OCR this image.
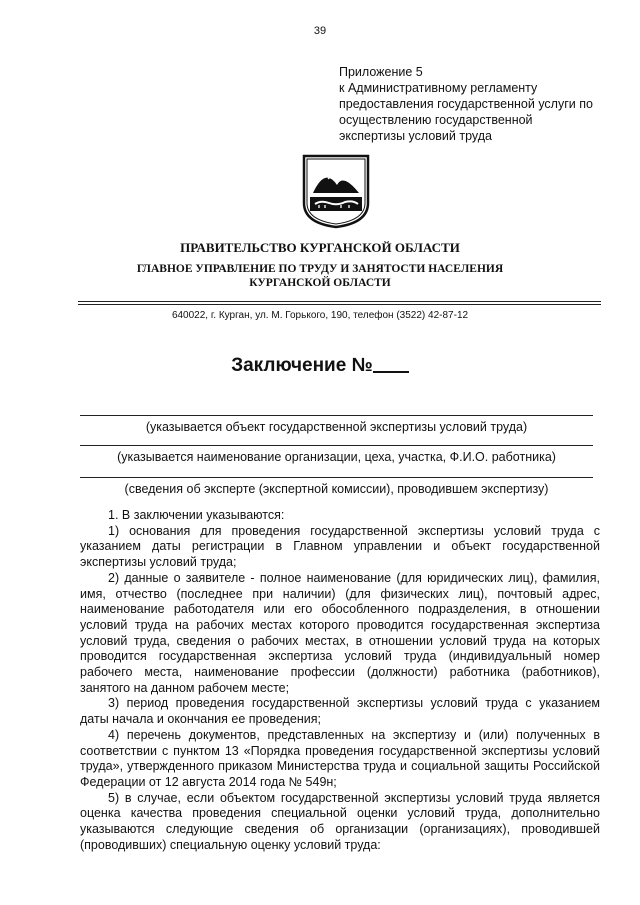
39
Приложение 5
к Административному регламенту
предоставления государственной услуги по
осуществлению государственной
экспертизы условий труда
ПРАВИТЕЛЬСТВО КУРГАНСКОЙ ОБЛАСТИ
ГЛАВНОЕ УПРАВЛЕНИЕ ПО ТРУДУ И ЗАНЯТОСТИ НАСЕЛЕНИЯ
КУРГАНСКОЙ ОБЛАСТИ
640022, г. Курган, ул. М. Горького, 190, телефон (3522) 42-87-12
Заключение №
(указывается объект государственной экспертизы условий труда)
(указывается наименование организации, цеха, участка, Ф.И.О. работника)
(сведения об эксперте (экспертной комиссии), проводившем экспертизу)

1. В заключении указываются:

1) основания для проведения государственной экспертизы условий труда с указанием даты регистрации в Главном управлении и объект государственной экспертизы условий труда;

2) данные о заявителе - полное наименование (для юридических лиц), фамилия, имя, отчество (последнее при наличии) (для физических лиц), почтовый адрес, наименование работодателя или его обособленного подразделения, в отношении условий труда на рабочих местах которого проводится государственная экспертиза условий труда, сведения о рабочих местах, в отношении условий труда на которых проводится государственная экспертиза условий труда (индивидуальный номер рабочего места, наименование профессии (должности) работника (работников), занятого на данном рабочем месте;

3) период проведения государственной экспертизы условий труда с указанием даты начала и окончания ее проведения;

4) перечень документов, представленных на экспертизу и (или) полученных в соответствии с пунктом 13 «Порядка проведения государственной экспертизы условий труда», утвержденного приказом Министерства труда и социальной защиты Российской Федерации от 12 августа 2014 года № 549н;

5) в случае, если объектом государственной экспертизы условий труда является оценка качества проведения специальной оценки условий труда, дополнительно указываются следующие сведения об организации (организациях), проводившей (проводивших) специальную оценку условий труда:
